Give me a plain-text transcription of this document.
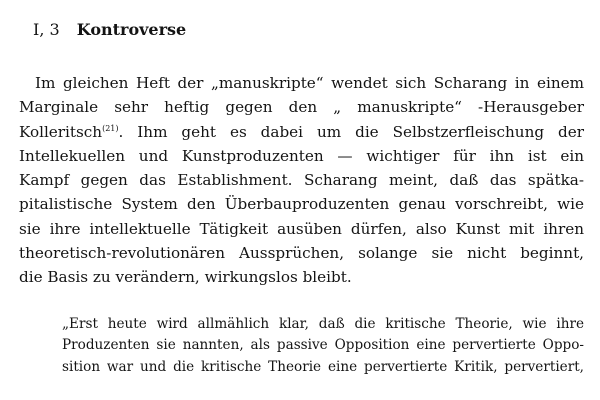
I, 3 Kontroverse
Im gleichen Heft der „manuskripte“ wendet sich Scharang in einem
Marginale sehr heftig gegen den „ manuskripte“ -Herausgeber
Kolleritsch$^{(21)}$. Ihm geht es dabei um die Selbstzerfleischung der
Intellekuellen und Kunstproduzenten — wichtiger für ihn ist ein
Kampf gegen das Establishment. Scharang meint, daß das spätka-
pitalistische System den Überbauproduzenten genau vorschreibt, wie
sie ihre intellektuelle Tätigkeit ausüben dürfen, also Kunst mit ihren
theoretisch-revolutionären Aussprüchen, solange sie nicht beginnt,
die Basis zu verändern, wirkungslos bleibt.
„Erst heute wird allmählich klar, daß die kritische Theorie, wie ihre
Produzenten sie nannten, als passive Opposition eine pervertierte Oppo-
sition war und die kritische Theorie eine pervertierte Kritik, pervertiert,
